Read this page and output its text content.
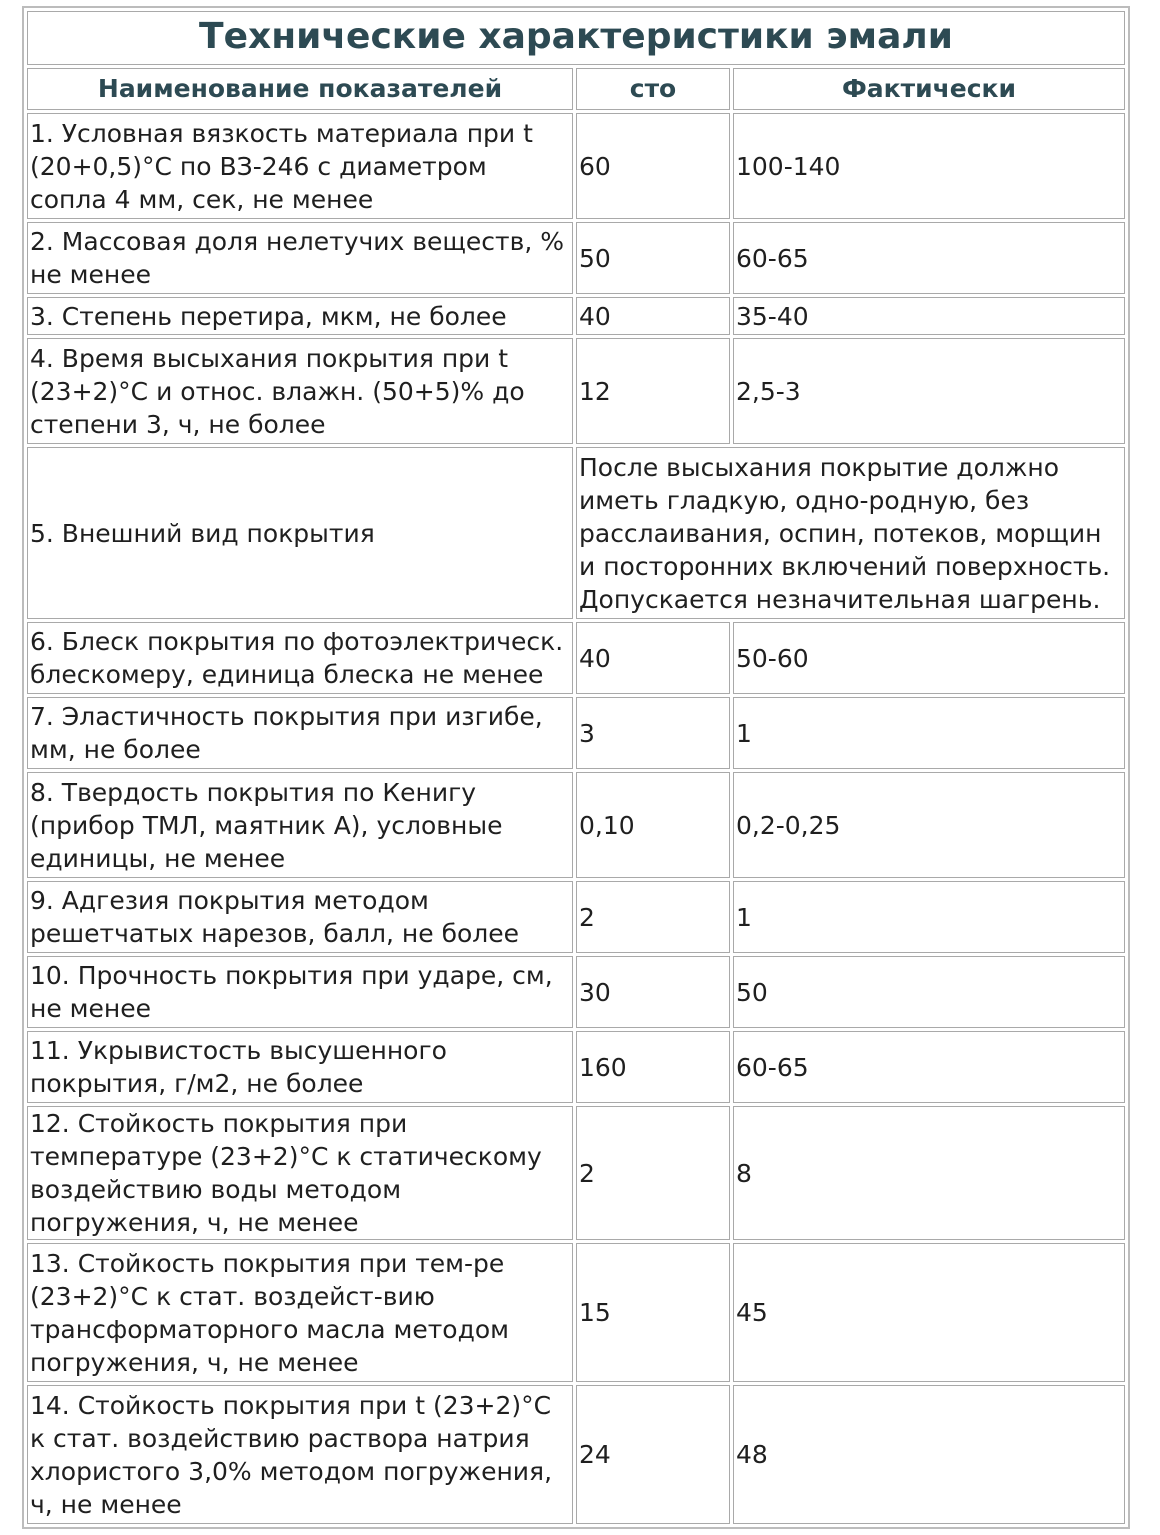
Технические характеристики эмали		
Наименование показателей	сто	Фактически
1. Условная вязкость материала при t (20+0,5)°С по ВЗ-246 с диаметром сопла 4 мм, сек, не менее	60	100-140
2. Массовая доля нелетучих веществ, % не менее	50	60-65
3. Степень перетира, мкм, не более	40	35-40
4. Время высыхания покрытия при t (23+2)°С и относ. влажн. (50+5)% до степени 3, ч, не более	12	2,5-3
5. Внешний вид покрытия	После высыхания покрытие должно иметь гладкую, одно-родную, без расслаивания, оспин, потеков, морщин и посторонних включений поверхность. Допускается незначительная шагрень.	
6. Блеск покрытия по фотоэлектрическ. блескомеру, единица блеска не менее	40	50-60
7. Эластичность покрытия при изгибе, мм, не более	3	1
8. Твердость покрытия по Кенигу (прибор ТМЛ, маятник А), условные единицы, не менее	0,10	0,2-0,25
9. Адгезия покрытия методом решетчатых нарезов, балл, не более	2	1
10. Прочность покрытия при ударе, см, не менее	30	50
11. Укрывистость высушенного покрытия, г/м2, не более	160	60-65
12. Стойкость покрытия при температуре (23+2)°С к статическому воздействию воды методом погружения, ч, не менее	2	8
13. Стойкость покрытия при тем-ре (23+2)°С к стат. воздейст-вию трансформаторного масла методом погружения, ч, не менее	15	45
14. Стойкость покрытия при t (23+2)°С к стат. воздействию раствора натрия хлористого 3,0% методом погружения, ч, не менее	24	48
